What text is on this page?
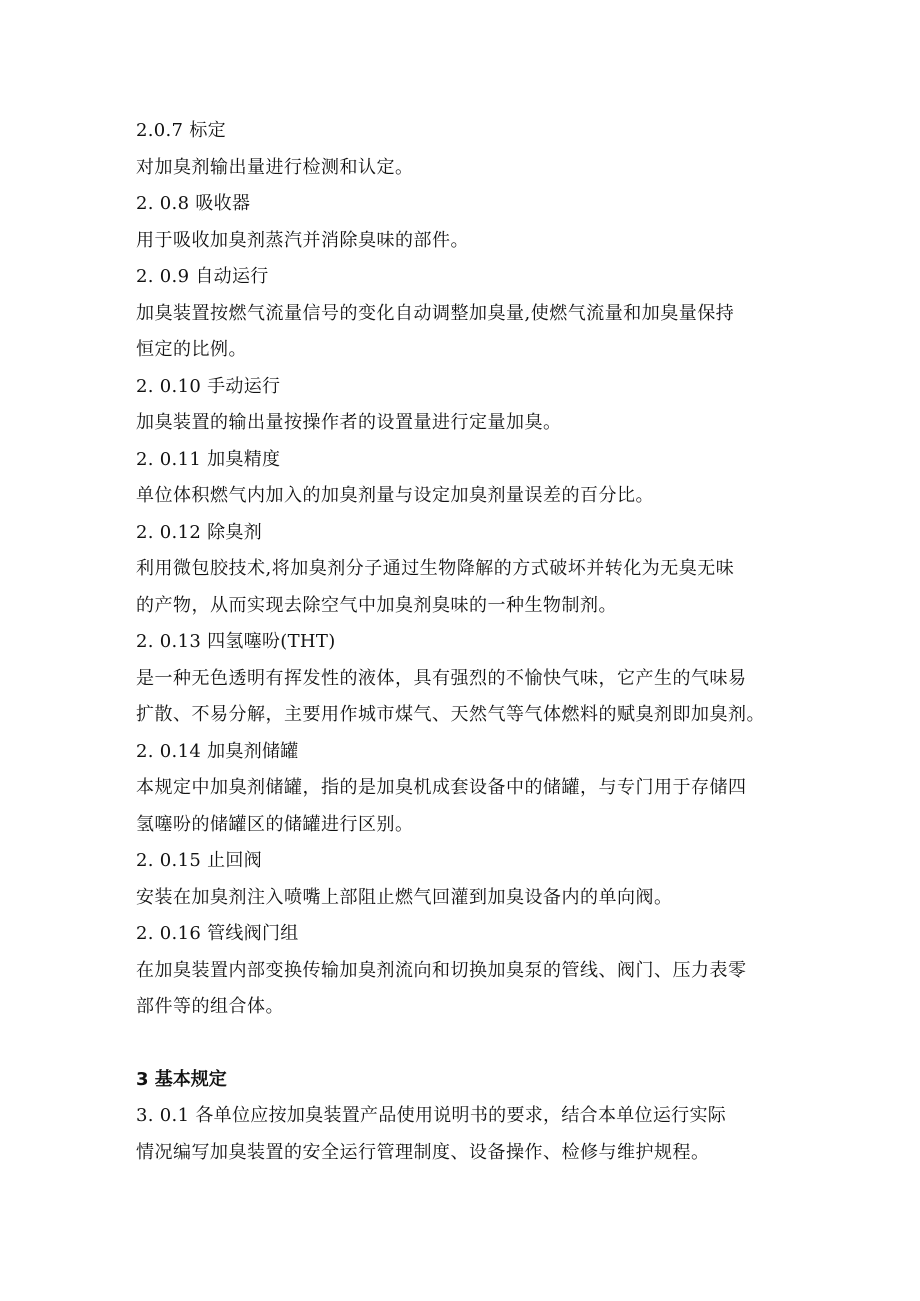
2.0.7 标定
对加臭剂输出量进行检测和认定。
2. 0.8 吸收器
用于吸收加臭剂蒸汽并消除臭味的部件。
2. 0.9 自动运行
加臭装置按燃气流量信号的变化自动调整加臭量,使燃气流量和加臭量保持
恒定的比例。
2. 0.10 手动运行
加臭装置的输出量按操作者的设置量进行定量加臭。
2. 0.11 加臭精度
单位体积燃气内加入的加臭剂量与设定加臭剂量误差的百分比。
2. 0.12 除臭剂
利用微包胶技术,将加臭剂分子通过生物降解的方式破坏并转化为无臭无味
的产物，从而实现去除空气中加臭剂臭味的一种生物制剂。
2. 0.13 四氢噻吩(THT)
是一种无色透明有挥发性的液体，具有强烈的不愉快气味，它产生的气味易
扩散、不易分解，主要用作城市煤气、天然气等气体燃料的赋臭剂即加臭剂。
2. 0.14 加臭剂储罐
本规定中加臭剂储罐，指的是加臭机成套设备中的储罐，与专门用于存储四
氢噻吩的储罐区的储罐进行区别。
2. 0.15 止回阀
安装在加臭剂注入喷嘴上部阻止燃气回灌到加臭设备内的单向阀。
2. 0.16 管线阀门组
在加臭装置内部变换传输加臭剂流向和切换加臭泵的管线、阀门、压力表零
部件等的组合体。
3 基本规定
3. 0.1 各单位应按加臭装置产品使用说明书的要求，结合本单位运行实际
情况编写加臭装置的安全运行管理制度、设备操作、检修与维护规程。
